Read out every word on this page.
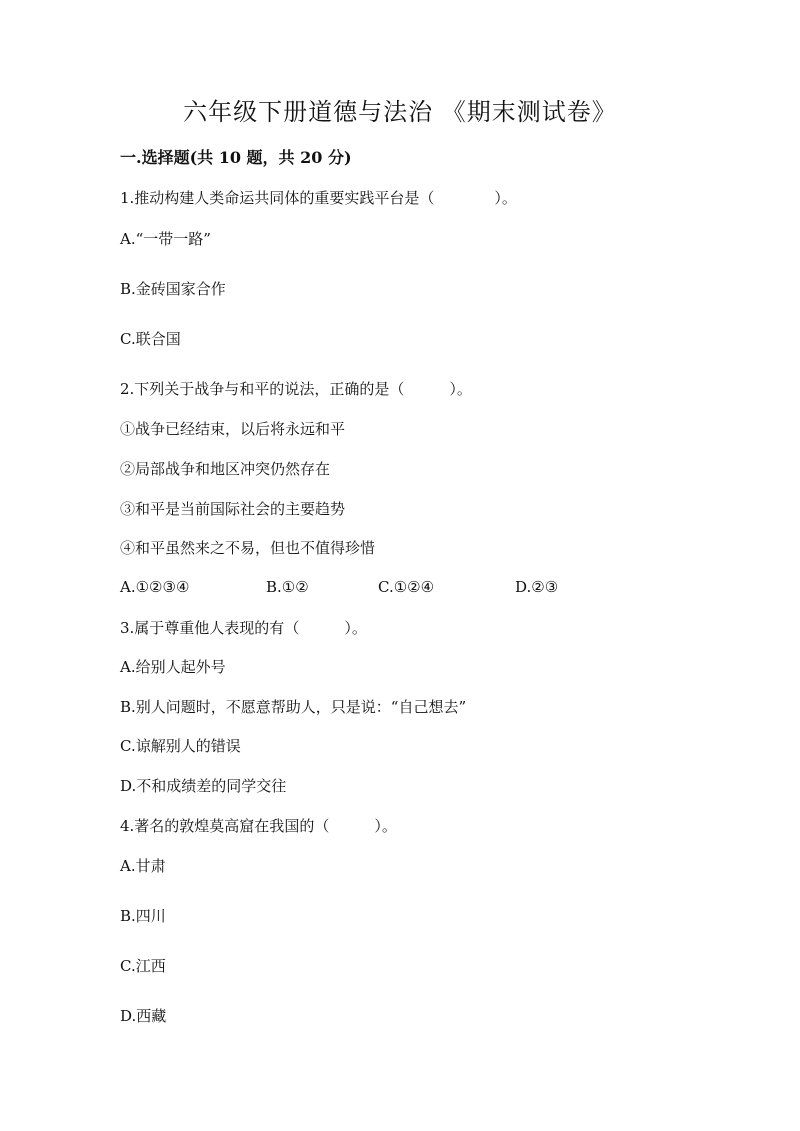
六年级下册道德与法治 《期末测试卷》
一.选择题(共 10 题，共 20 分)
1.推动构建人类命运共同体的重要实践平台是（　　　　）。
A.“一带一路”
B.金砖国家合作
C.联合国
2.下列关于战争与和平的说法，正确的是（　　　）。
①战争已经结束，以后将永远和平
②局部战争和地区冲突仍然存在
③和平是当前国际社会的主要趋势
④和平虽然来之不易，但也不值得珍惜
A.①②③④	B.①②	C.①②④	D.②③
3.属于尊重他人表现的有（　　　）。
A.给别人起外号
B.别人问题时，不愿意帮助人，只是说：“自己想去”
C.谅解别人的错误
D.不和成绩差的同学交往
4.著名的敦煌莫高窟在我国的（　　　）。
A.甘肃
B.四川
C.江西
D.西藏
